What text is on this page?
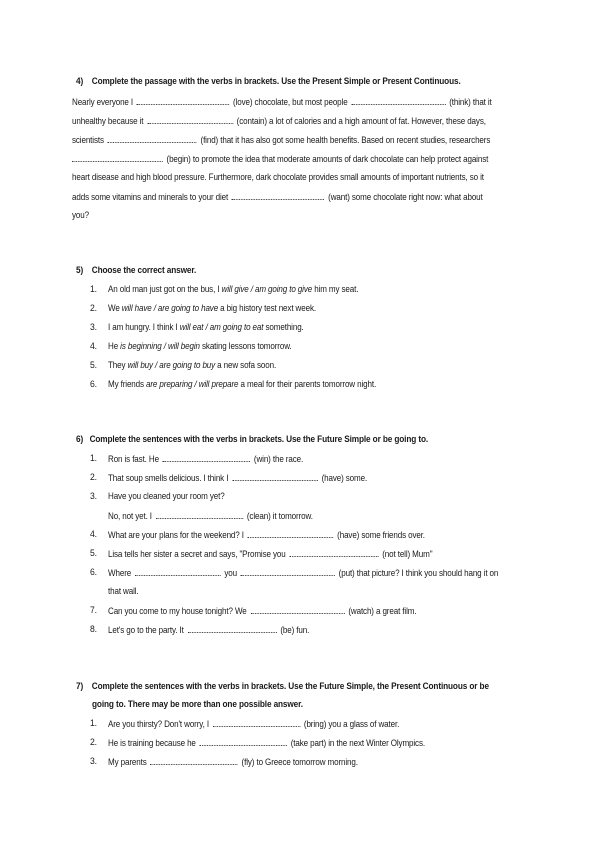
4) Complete the passage with the verbs in brackets. Use the Present Simple or Present Continuous.
Nearly everyone I	(love) chocolate, but most people	(think) that it
unhealthy because it	(contain) a lot of calories and a high amount of fat. However, these days,
scientists	(find) that it has also got some health benefits. Based on recent studies, researchers
(begin) to promote the idea that moderate amounts of dark chocolate can help protect against
heart disease and high blood pressure. Furthermore, dark chocolate provides small amounts of important nutrients, so it
adds some vitamins and minerals to your diet	(want) some chocolate right now: what about
you?
5) Choose the correct answer.
1. An old man just got on the bus, I will give / am going to give him my seat.
2. We will have / are going to have a big history test next week.
3. I am hungry. I think I will eat / am going to eat something.
4. He is beginning / will begin skating lessons tomorrow.
5. They will buy / are going to buy a new sofa soon.
6. My friends are preparing / will prepare a meal for their parents tomorrow night.
6) Complete the sentences with the verbs in brackets. Use the Future Simple or be going to.
1. Ron is fast. He	(win) the race.
2. That soup smells delicious. I think I	(have) some.
3. Have you cleaned your room yet?
No, not yet. I	(clean) it tomorrow.
4. What are your plans for the weekend? I	(have) some friends over.
5. Lisa tells her sister a secret and says, "Promise you	(not tell) Mum"
6. Where	you	(put) that picture? I think you should hang it on
that wall.
7. Can you come to my house tonight? We	(watch) a great film.
8. Let's go to the party. It	(be) fun.
7) Complete the sentences with the verbs in brackets. Use the Future Simple, the Present Continuous or be
going to. There may be more than one possible answer.
1. Are you thirsty? Don't worry, I	(bring) you a glass of water.
2. He is training because he	(take part) in the next Winter Olympics.
3. My parents	(fly) to Greece tomorrow morning.
